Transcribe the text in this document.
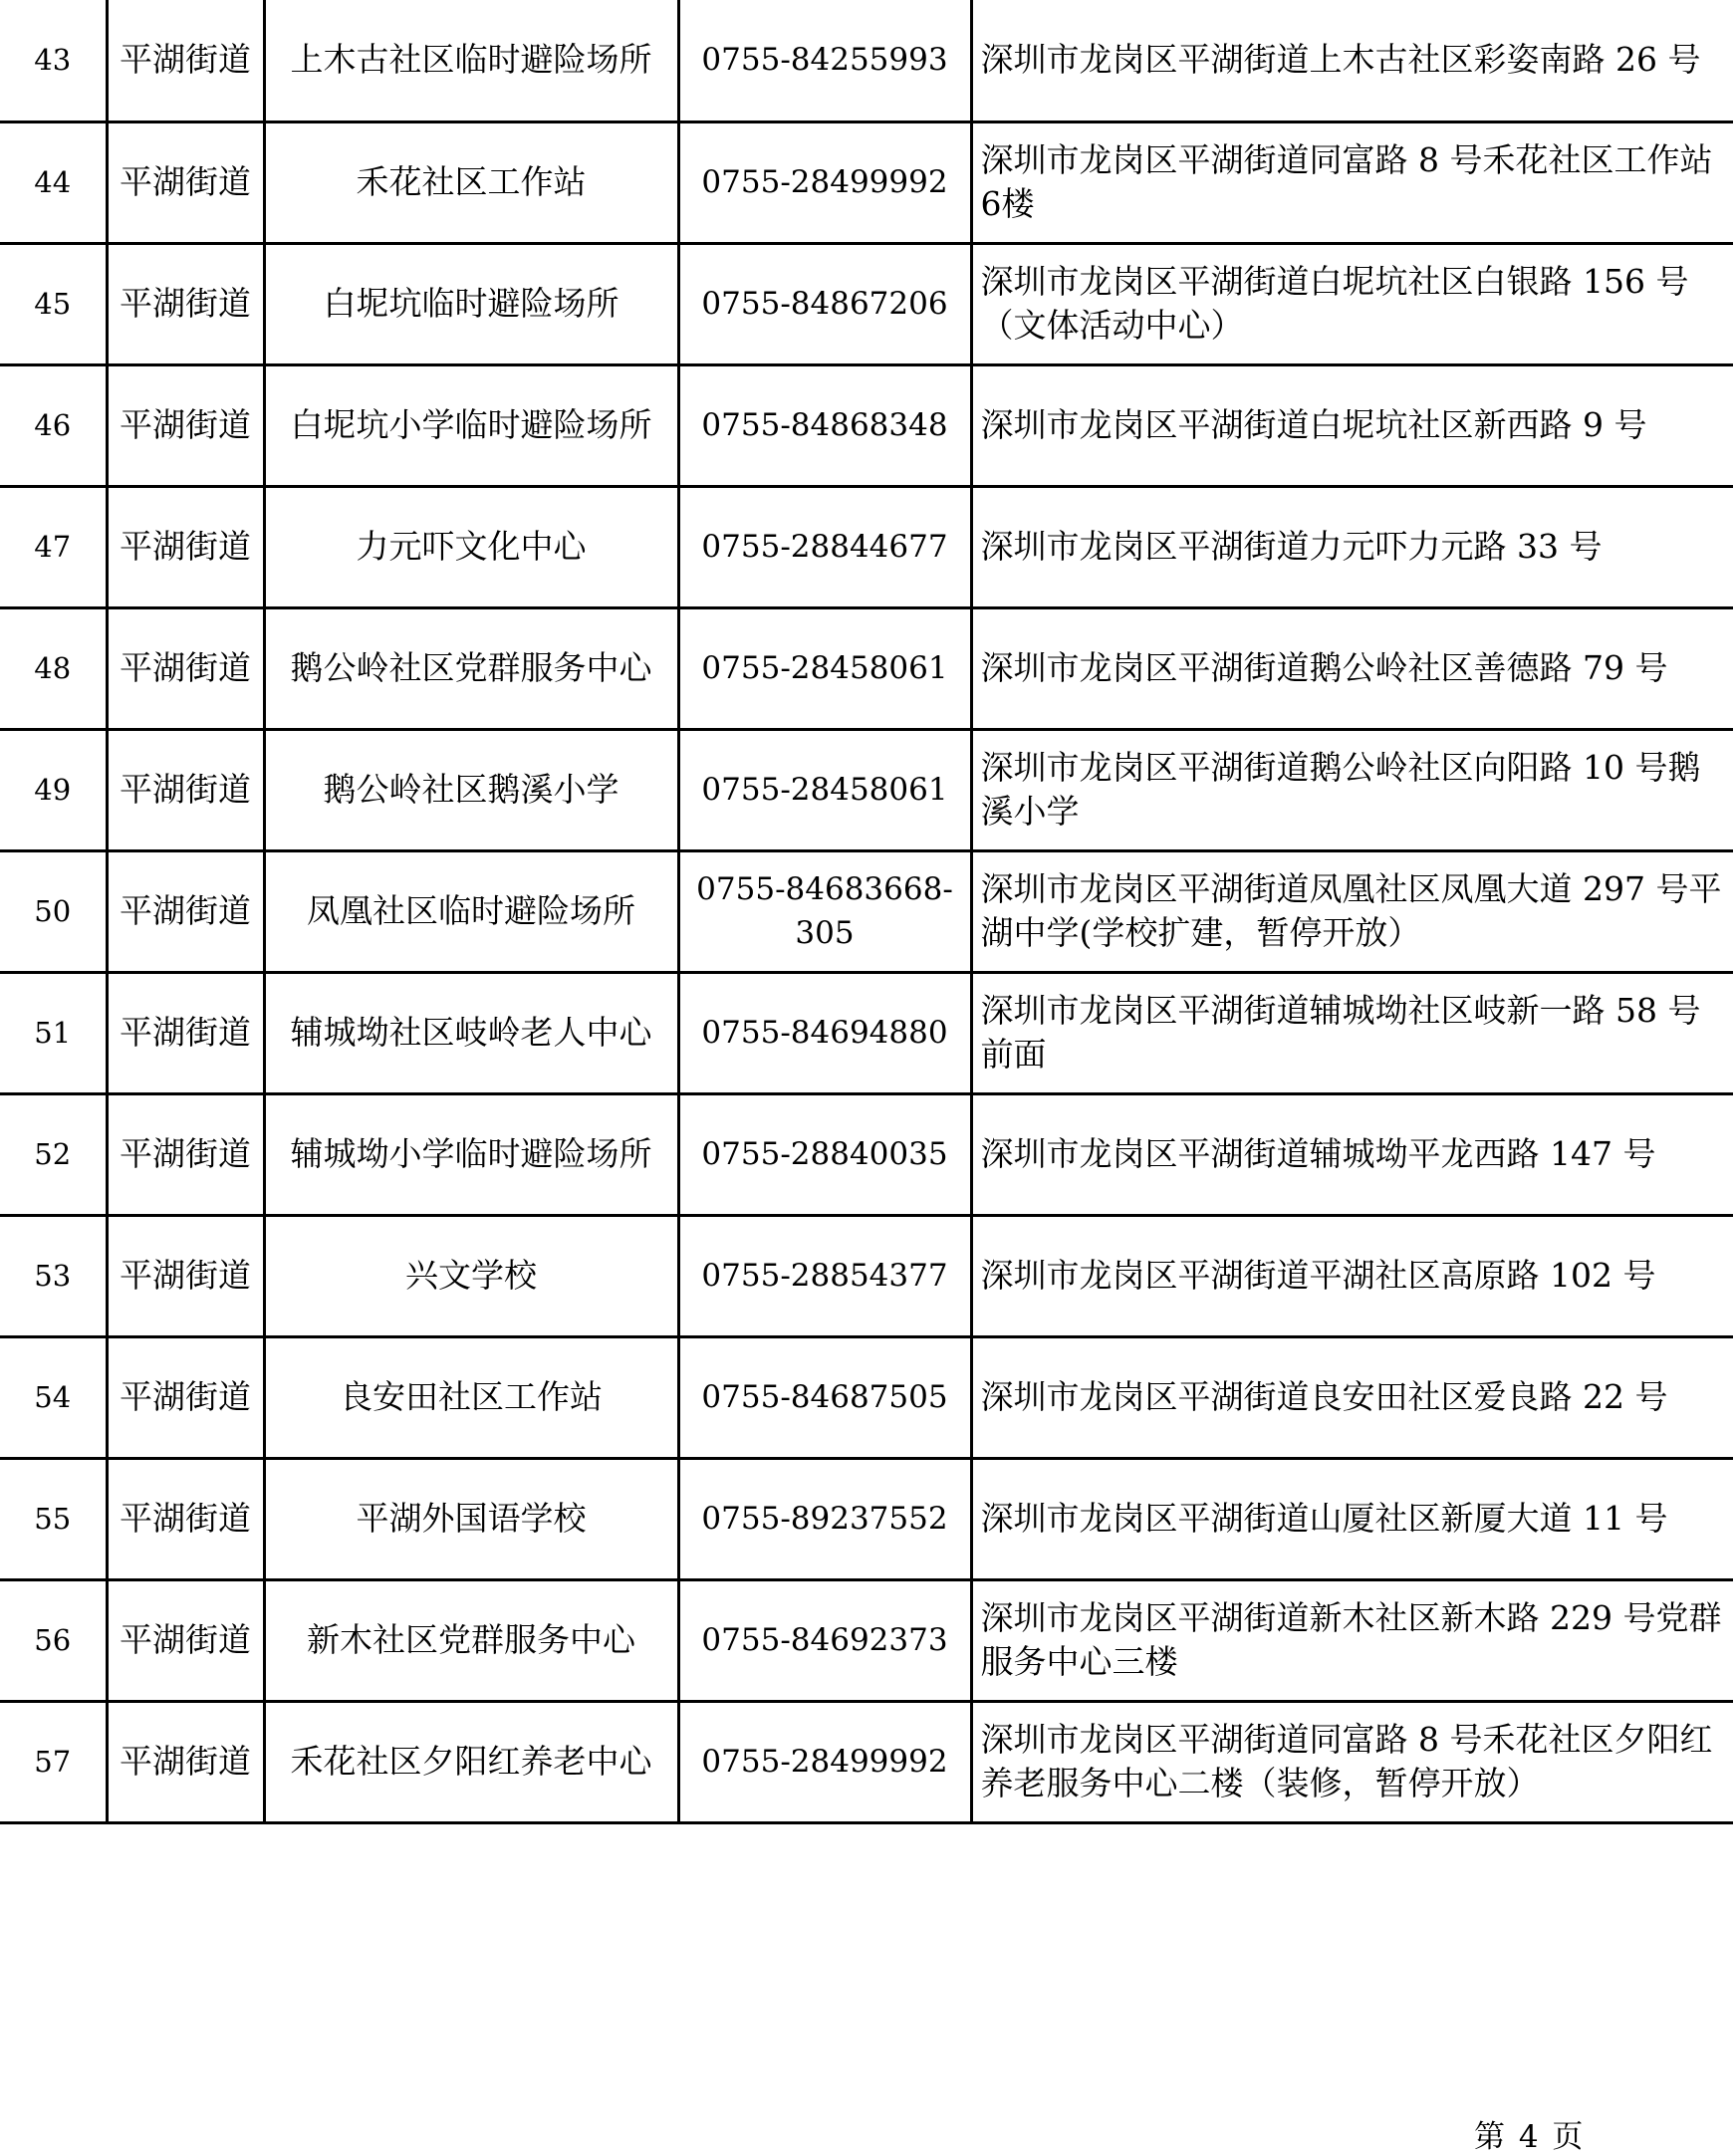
43	平湖街道	上木古社区临时避险场所	0755-84255993	深圳市龙岗区平湖街道上木古社区彩姿南路 26 号
44	平湖街道	禾花社区工作站	0755-28499992	深圳市龙岗区平湖街道同富路 8 号禾花社区工作站6楼
45	平湖街道	白坭坑临时避险场所	0755-84867206	深圳市龙岗区平湖街道白坭坑社区白银路 156 号（文体活动中心）
46	平湖街道	白坭坑小学临时避险场所	0755-84868348	深圳市龙岗区平湖街道白坭坑社区新西路 9 号
47	平湖街道	力元吓文化中心	0755-28844677	深圳市龙岗区平湖街道力元吓力元路 33 号
48	平湖街道	鹅公岭社区党群服务中心	0755-28458061	深圳市龙岗区平湖街道鹅公岭社区善德路 79 号
49	平湖街道	鹅公岭社区鹅溪小学	0755-28458061	深圳市龙岗区平湖街道鹅公岭社区向阳路 10 号鹅溪小学
50	平湖街道	凤凰社区临时避险场所	0755-84683668-305	深圳市龙岗区平湖街道凤凰社区凤凰大道 297 号平湖中学(学校扩建，暂停开放）
51	平湖街道	辅城坳社区岐岭老人中心	0755-84694880	深圳市龙岗区平湖街道辅城坳社区岐新一路 58 号前面
52	平湖街道	辅城坳小学临时避险场所	0755-28840035	深圳市龙岗区平湖街道辅城坳平龙西路 147 号
53	平湖街道	兴文学校	0755-28854377	深圳市龙岗区平湖街道平湖社区高原路 102 号
54	平湖街道	良安田社区工作站	0755-84687505	深圳市龙岗区平湖街道良安田社区爱良路 22 号
55	平湖街道	平湖外国语学校	0755-89237552	深圳市龙岗区平湖街道山厦社区新厦大道 11 号
56	平湖街道	新木社区党群服务中心	0755-84692373	深圳市龙岗区平湖街道新木社区新木路 229 号党群服务中心三楼
57	平湖街道	禾花社区夕阳红养老中心	0755-28499992	深圳市龙岗区平湖街道同富路 8 号禾花社区夕阳红养老服务中心二楼（装修，暂停开放）
第 4 页
